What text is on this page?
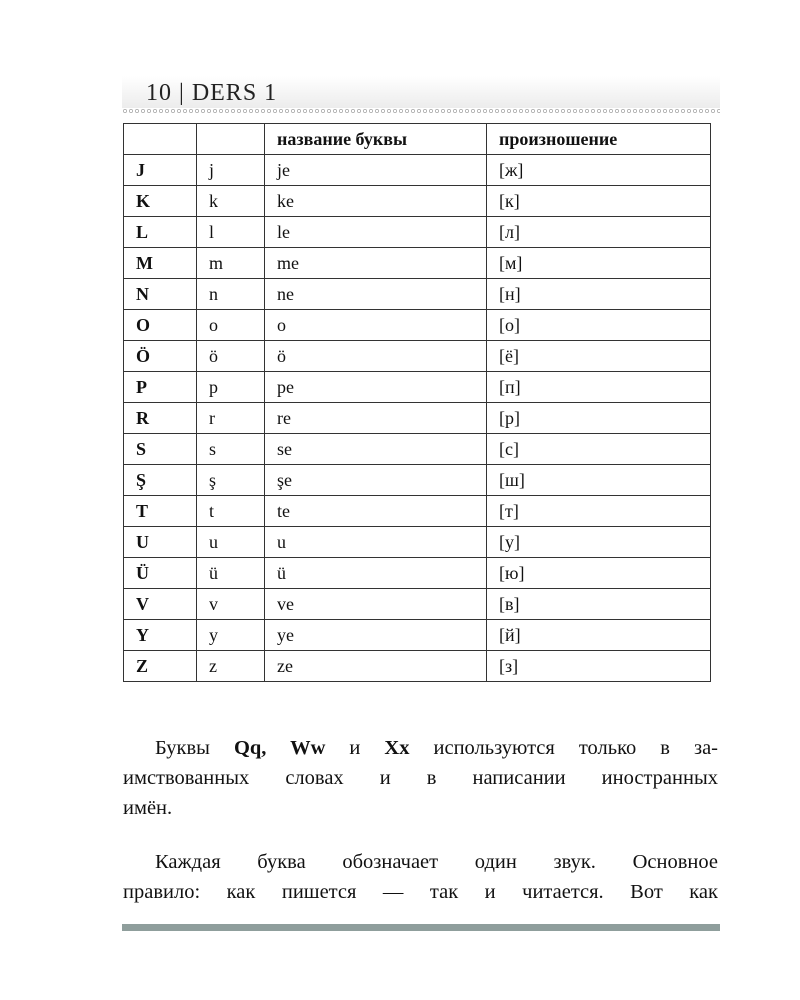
10 | DERS 1
		название буквы	произношение
J	j	je	[ж]
K	k	ke	[к]
L	l	le	[л]
M	m	me	[м]
N	n	ne	[н]
O	o	o	[о]
Ö	ö	ö	[ё]
P	p	pe	[п]
R	r	re	[р]
S	s	se	[с]
Ş	ş	şe	[ш]
T	t	te	[т]
U	u	u	[у]
Ü	ü	ü	[ю]
V	v	ve	[в]
Y	y	ye	[й]
Z	z	ze	[з]
Буквы Qq, Ww и Xx используются только в за-
имствованных словах и в написании иностранных
имён.
Каждая буква обозначает один звук. Основное
правило: как пишется — так и читается. Вот как
